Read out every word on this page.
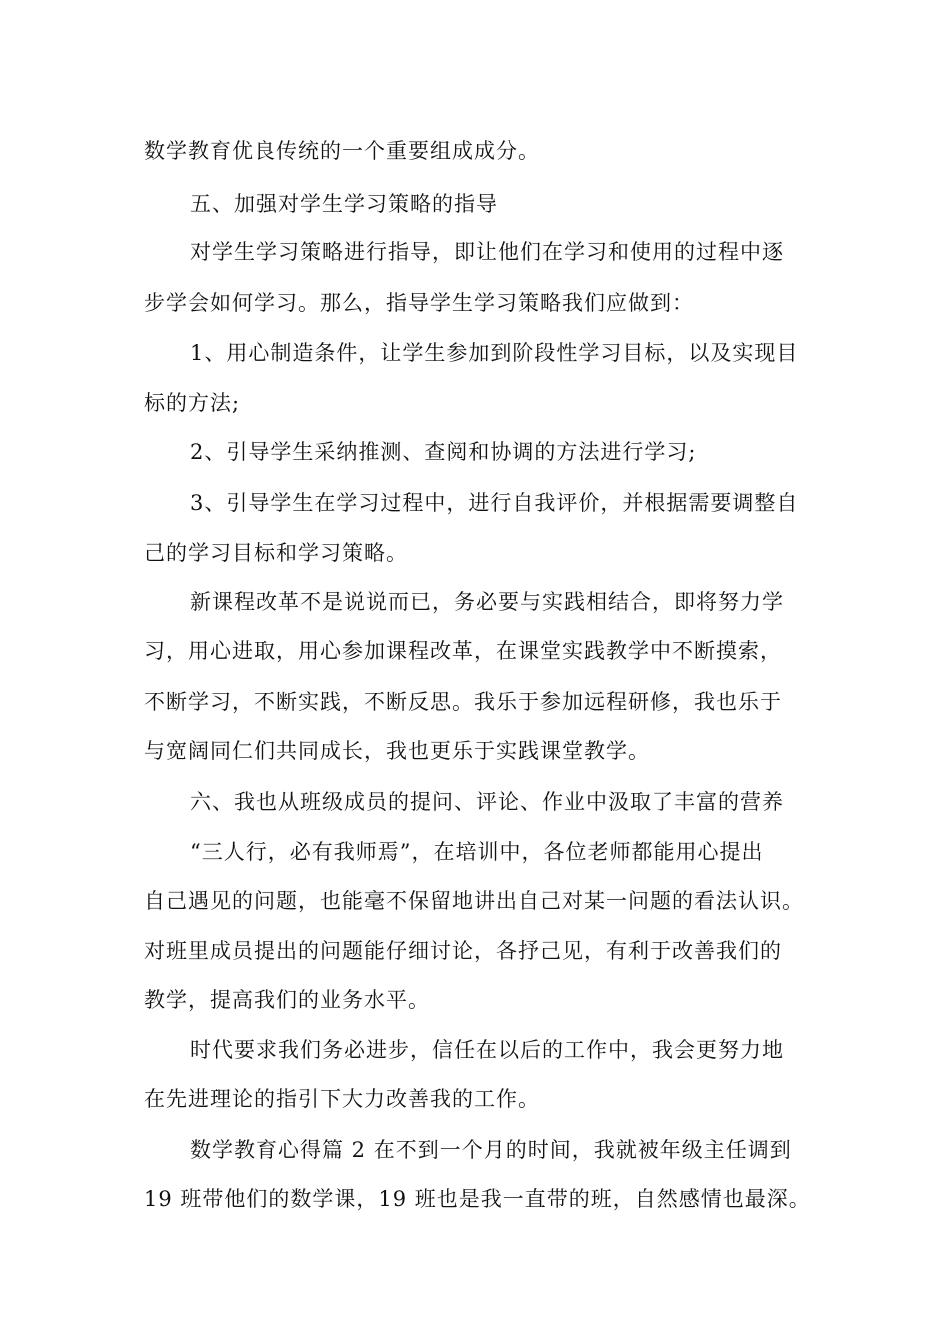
数学教育优良传统的一个重要组成成分。

五、加强对学生学习策略的指导

对学生学习策略进行指导，即让他们在学习和使用的过程中逐

步学会如何学习。那么，指导学生学习策略我们应做到：

1、用心制造条件，让学生参加到阶段性学习目标，以及实现目

标的方法;

2、引导学生采纳推测、查阅和协调的方法进行学习;

3、引导学生在学习过程中，进行自我评价，并根据需要调整自

己的学习目标和学习策略。

新课程改革不是说说而已，务必要与实践相结合，即将努力学

习，用心进取，用心参加课程改革，在课堂实践教学中不断摸索，

不断学习，不断实践，不断反思。我乐于参加远程研修，我也乐于

与宽阔同仁们共同成长，我也更乐于实践课堂教学。

六、我也从班级成员的提问、评论、作业中汲取了丰富的营养

“三人行，必有我师焉”，在培训中，各位老师都能用心提出

自己遇见的问题，也能毫不保留地讲出自己对某一问题的看法认识。

对班里成员提出的问题能仔细讨论，各抒己见，有利于改善我们的

教学，提高我们的业务水平。

时代要求我们务必进步，信任在以后的工作中，我会更努力地

在先进理论的指引下大力改善我的工作。

数学教育心得篇 2 在不到一个月的时间，我就被年级主任调到

19 班带他们的数学课，19 班也是我一直带的班，自然感情也最深。
